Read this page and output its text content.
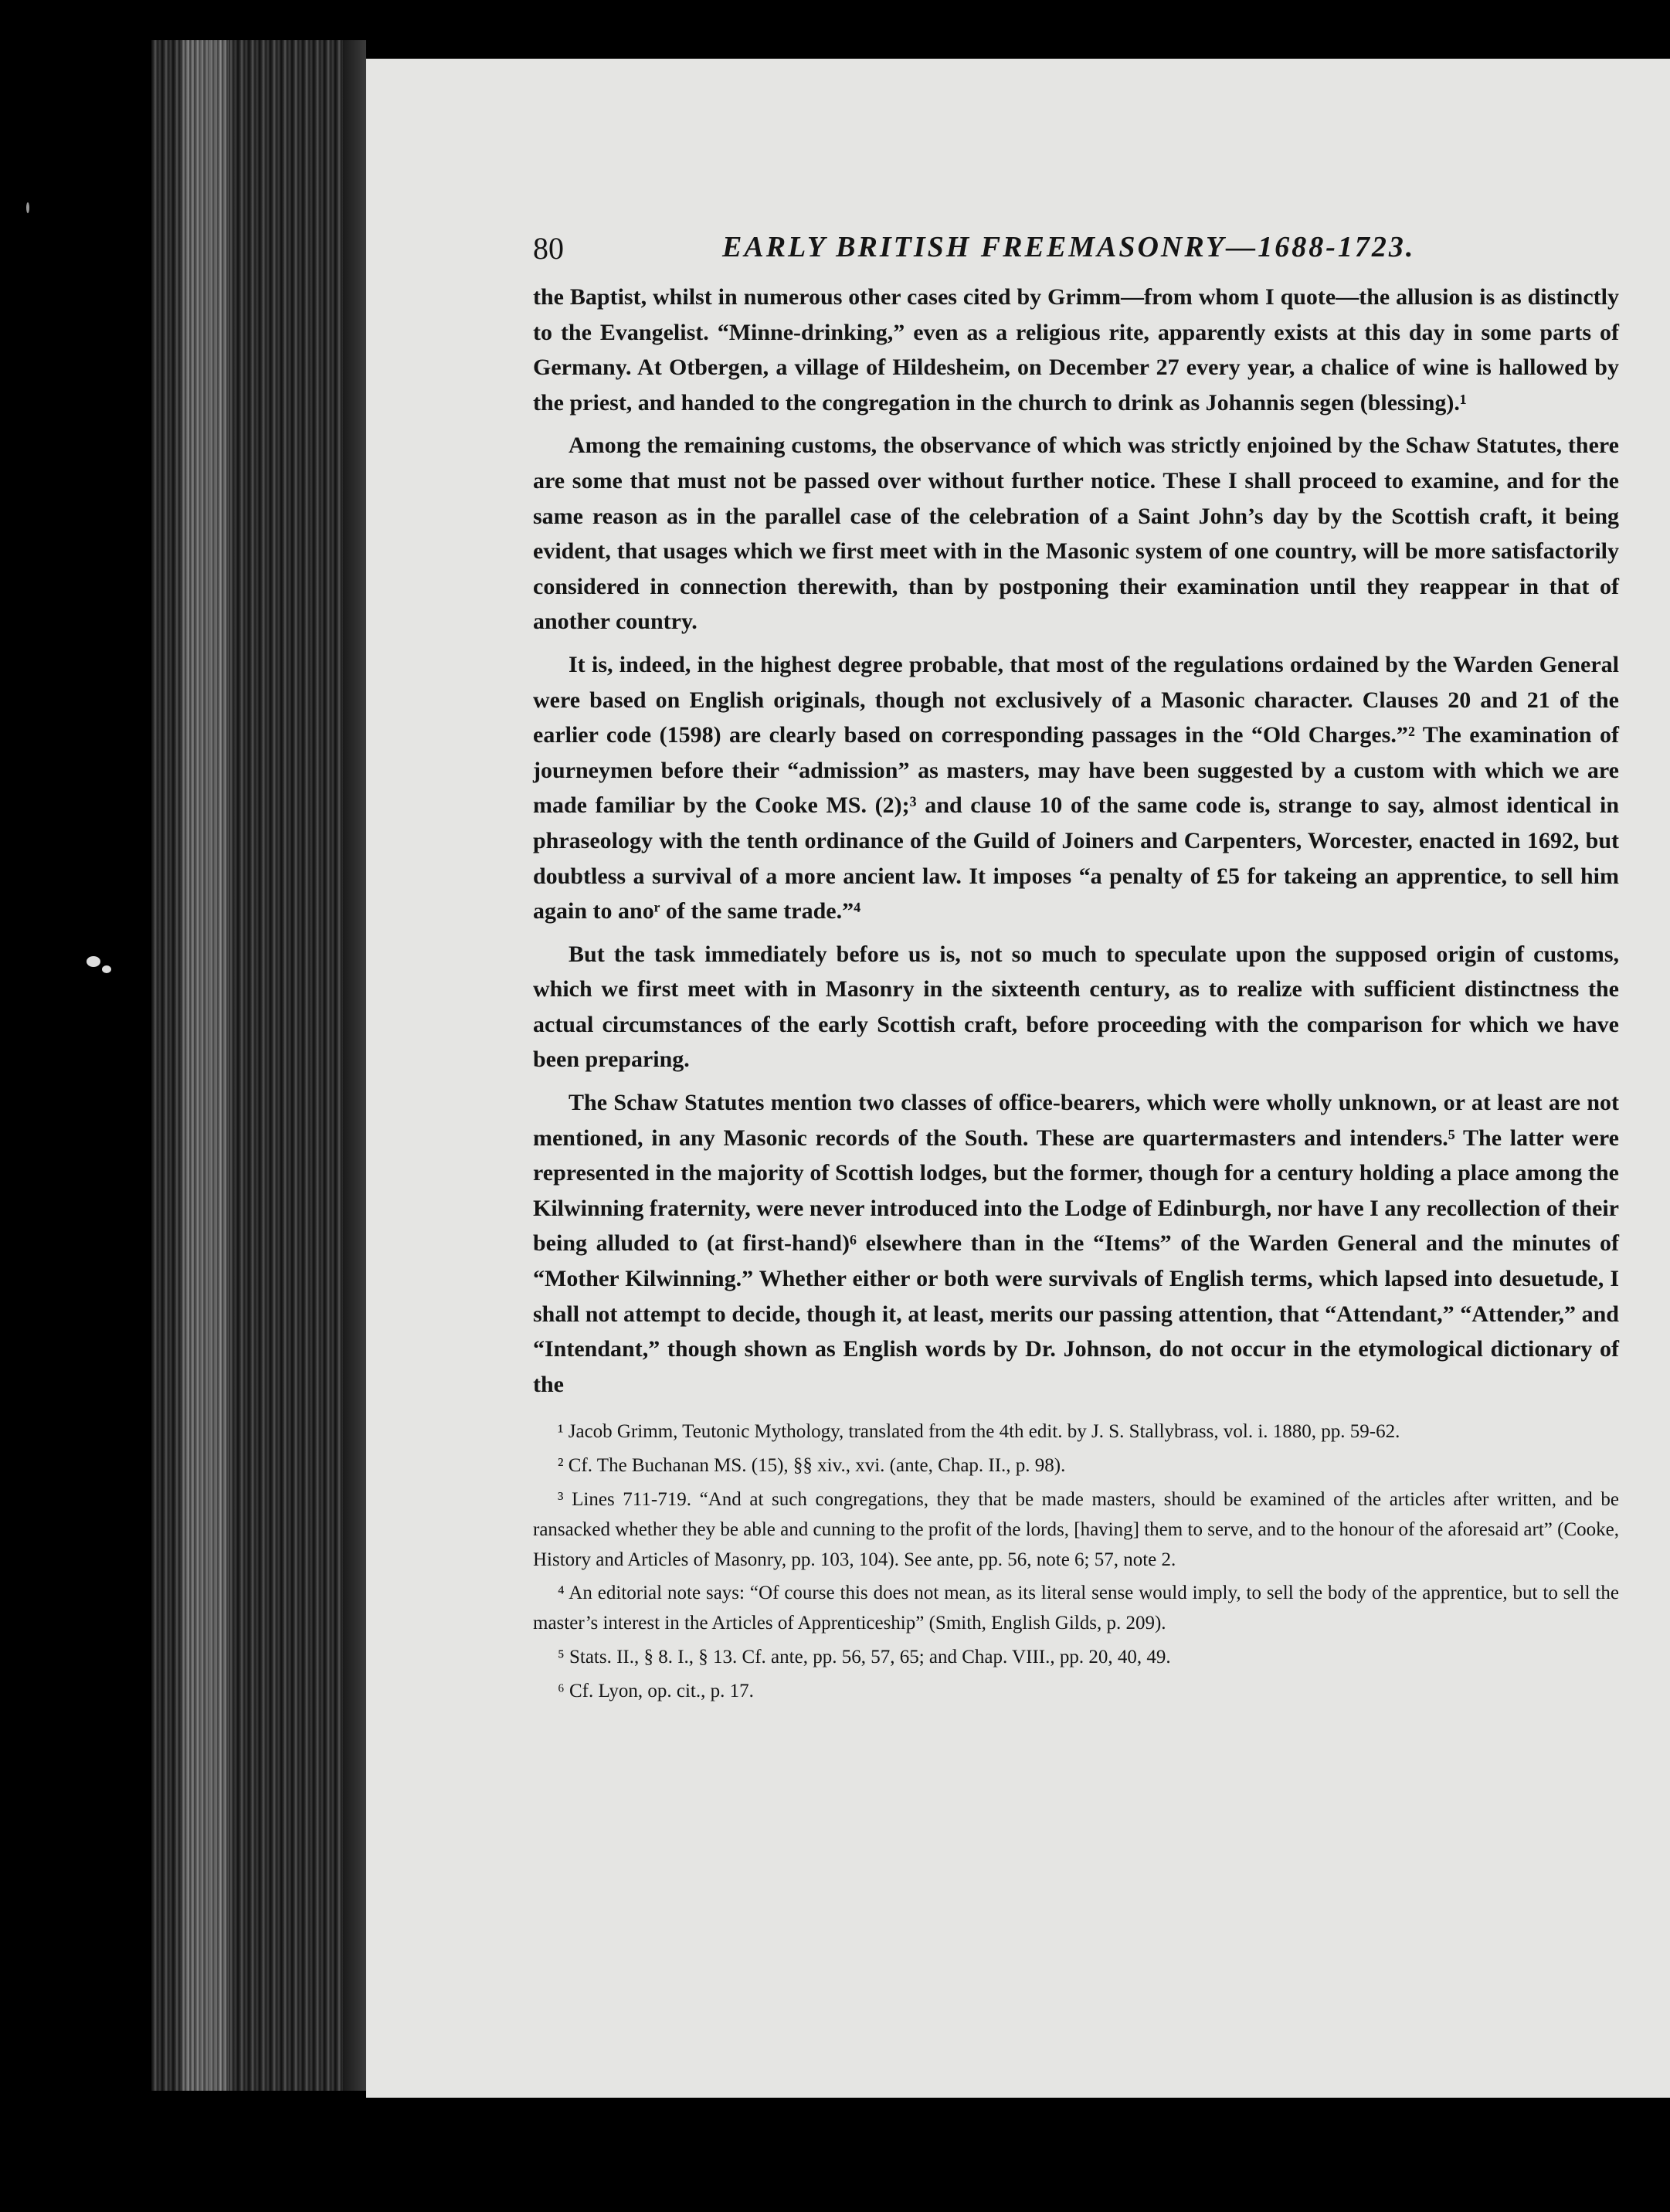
80	EARLY BRITISH FREEMASONRY—1688-1723.

the Baptist, whilst in numerous other cases cited by Grimm—from whom I quote—the allusion is as distinctly to the Evangelist. “Minne-drinking,” even as a religious rite, apparently exists at this day in some parts of Germany. At Otbergen, a village of Hildesheim, on December 27 every year, a chalice of wine is hallowed by the priest, and handed to the congregation in the church to drink as Johannis segen (blessing).¹

Among the remaining customs, the observance of which was strictly enjoined by the Schaw Statutes, there are some that must not be passed over without further notice. These I shall proceed to examine, and for the same reason as in the parallel case of the celebration of a Saint John’s day by the Scottish craft, it being evident, that usages which we first meet with in the Masonic system of one country, will be more satisfactorily considered in connection therewith, than by postponing their examination until they reappear in that of another country.

It is, indeed, in the highest degree probable, that most of the regulations ordained by the Warden General were based on English originals, though not exclusively of a Masonic character. Clauses 20 and 21 of the earlier code (1598) are clearly based on corresponding passages in the “Old Charges.”² The examination of journeymen before their “admission” as masters, may have been suggested by a custom with which we are made familiar by the Cooke MS. (2);³ and clause 10 of the same code is, strange to say, almost identical in phraseology with the tenth ordinance of the Guild of Joiners and Carpenters, Worcester, enacted in 1692, but doubtless a survival of a more ancient law. It imposes “a penalty of £5 for takeing an apprentice, to sell him again to anoʳ of the same trade.”⁴

But the task immediately before us is, not so much to speculate upon the supposed origin of customs, which we first meet with in Masonry in the sixteenth century, as to realize with sufficient distinctness the actual circumstances of the early Scottish craft, before proceeding with the comparison for which we have been preparing.

The Schaw Statutes mention two classes of office-bearers, which were wholly unknown, or at least are not mentioned, in any Masonic records of the South. These are quartermasters and intenders.⁵ The latter were represented in the majority of Scottish lodges, but the former, though for a century holding a place among the Kilwinning fraternity, were never introduced into the Lodge of Edinburgh, nor have I any recollection of their being alluded to (at first-hand)⁶ elsewhere than in the “Items” of the Warden General and the minutes of “Mother Kilwinning.” Whether either or both were survivals of English terms, which lapsed into desuetude, I shall not attempt to decide, though it, at least, merits our passing attention, that “Attendant,” “Attender,” and “Intendant,” though shown as English words by Dr. Johnson, do not occur in the etymological dictionary of the

¹ Jacob Grimm, Teutonic Mythology, translated from the 4th edit. by J. S. Stallybrass, vol. i. 1880, pp. 59-62.

² Cf. The Buchanan MS. (15), §§ xiv., xvi. (ante, Chap. II., p. 98).

³ Lines 711-719. “And at such congregations, they that be made masters, should be examined of the articles after written, and be ransacked whether they be able and cunning to the profit of the lords, [having] them to serve, and to the honour of the aforesaid art” (Cooke, History and Articles of Masonry, pp. 103, 104). See ante, pp. 56, note 6; 57, note 2.

⁴ An editorial note says: “Of course this does not mean, as its literal sense would imply, to sell the body of the apprentice, but to sell the master’s interest in the Articles of Apprenticeship” (Smith, English Gilds, p. 209).

⁵ Stats. II., § 8. I., § 13. Cf. ante, pp. 56, 57, 65; and Chap. VIII., pp. 20, 40, 49.

⁶ Cf. Lyon, op. cit., p. 17.
